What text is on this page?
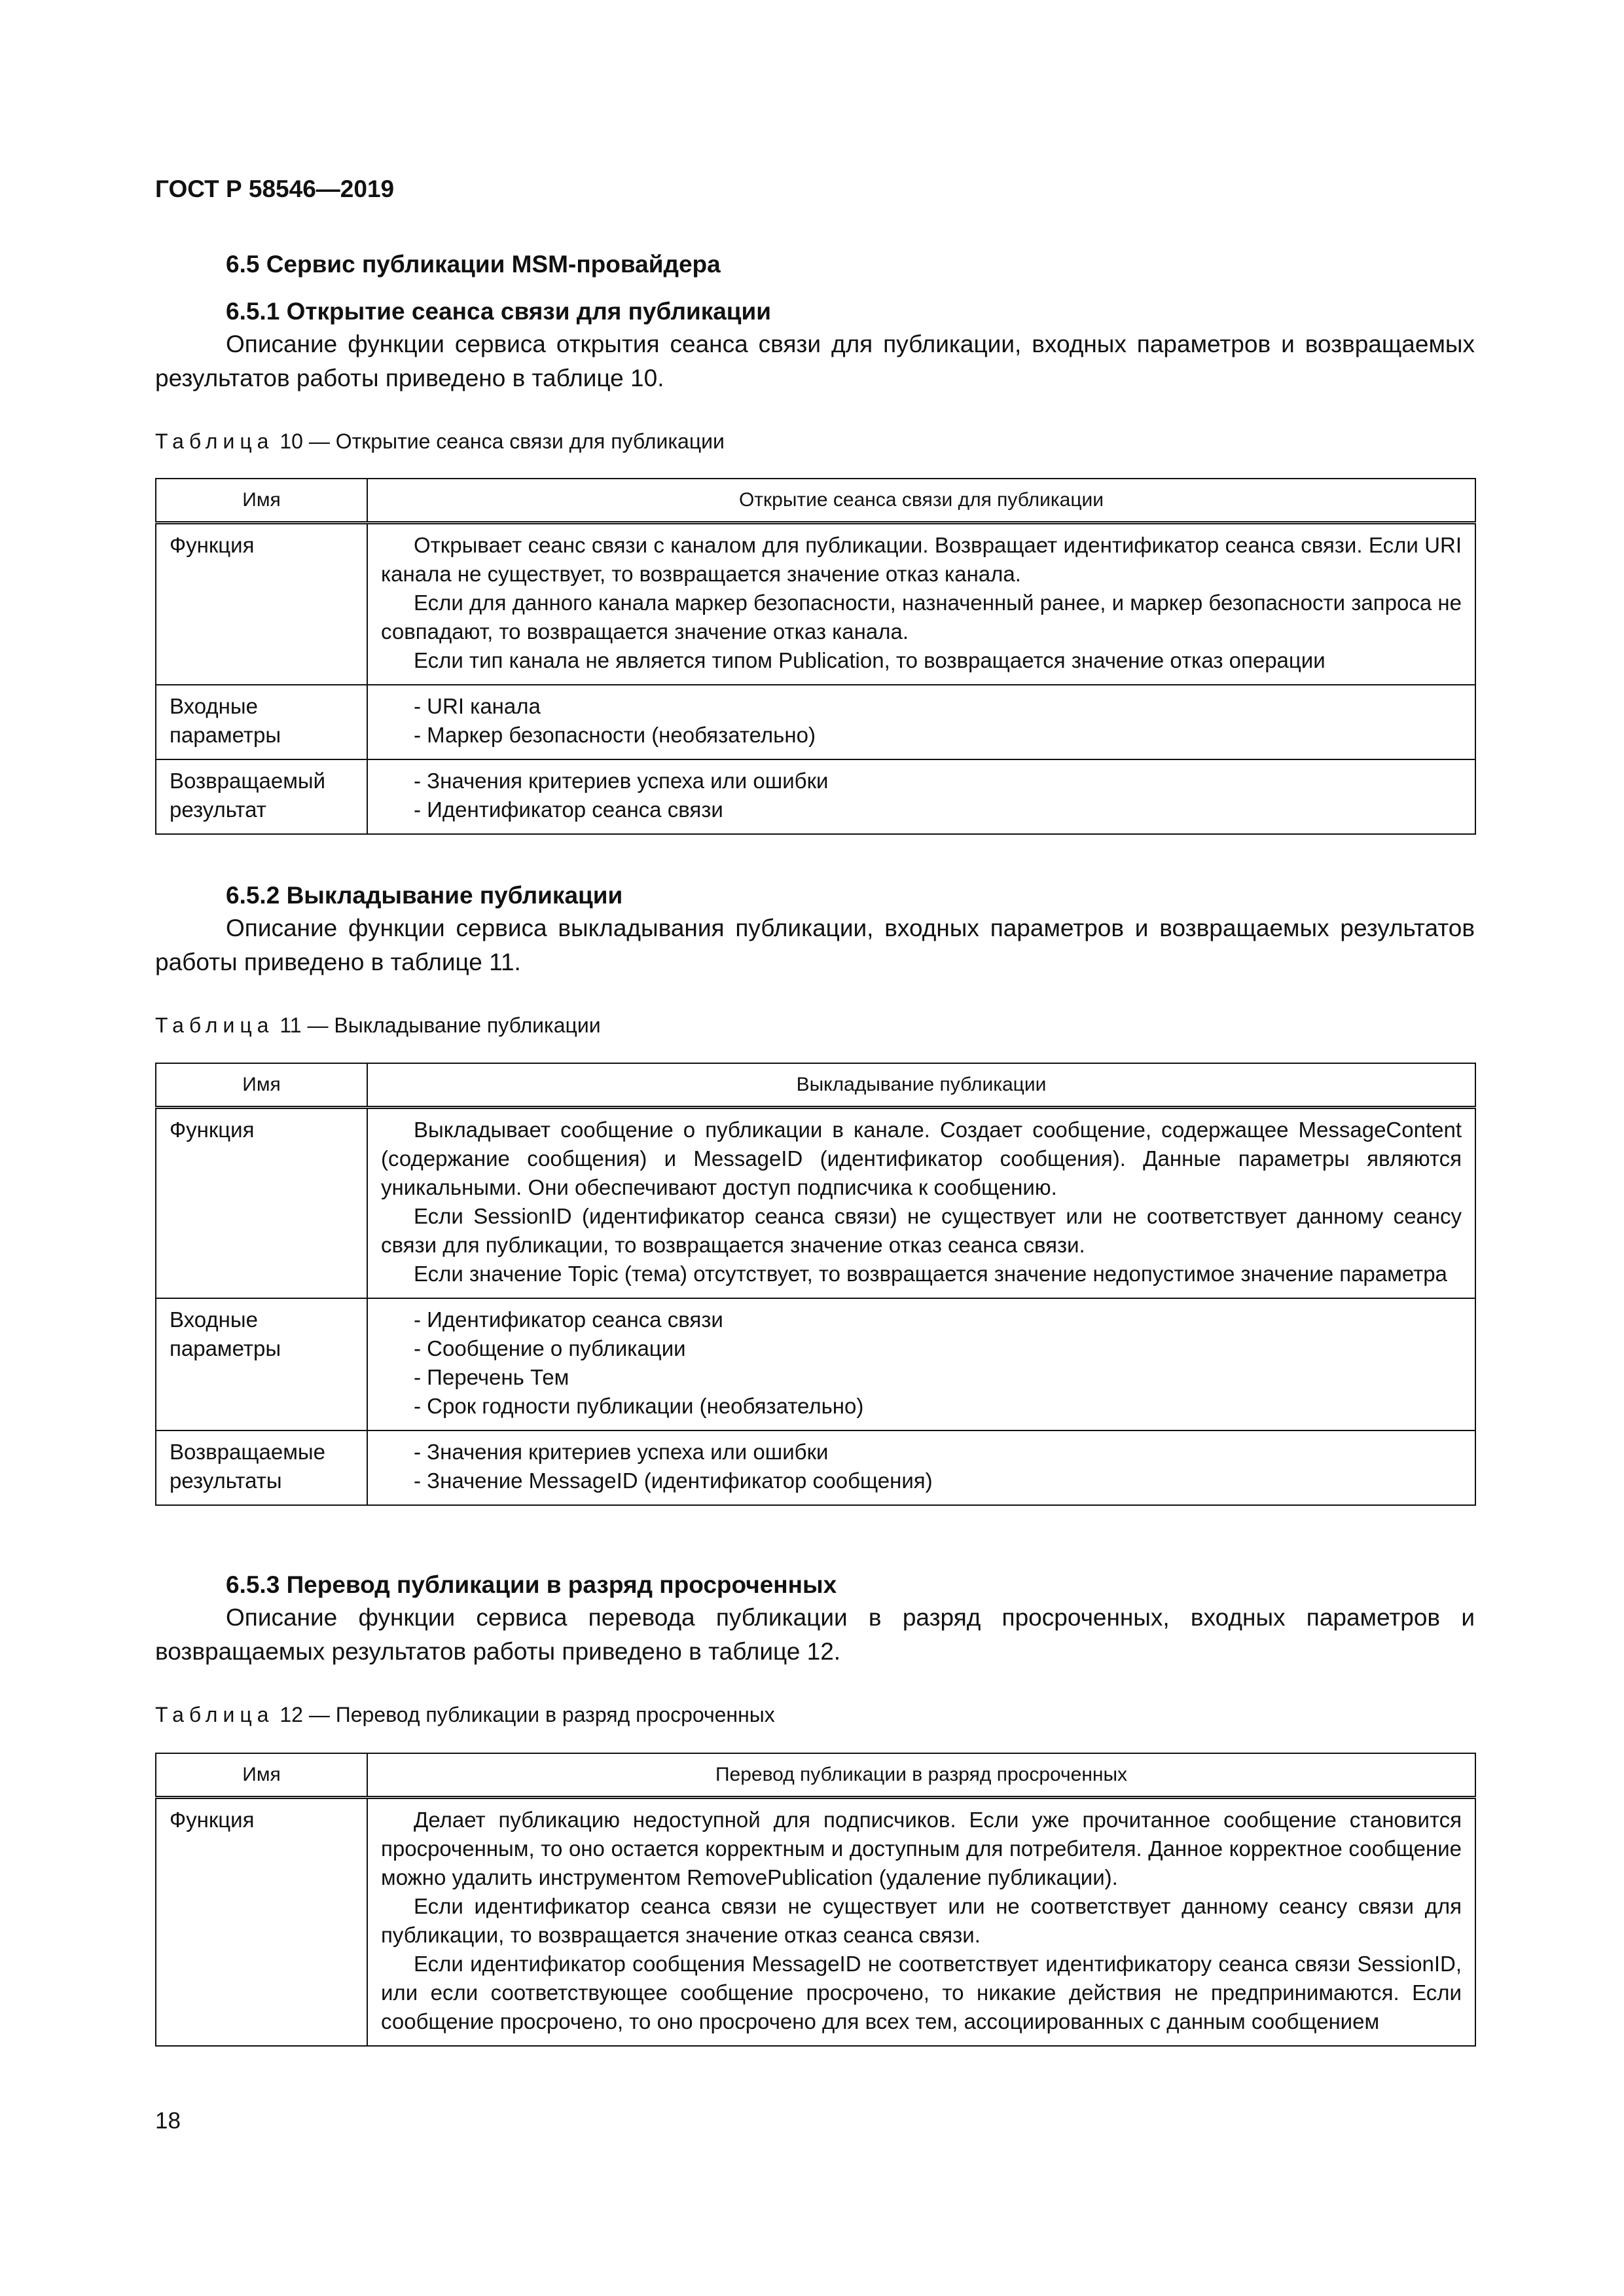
ГОСТ Р 58546—2019
6.5 Сервис публикации MSM-провайдера
6.5.1 Открытие сеанса связи для публикации
Описание функции сервиса открытия сеанса связи для публикации, входных параметров и возвращаемых результатов работы приведено в таблице 10.
Таблица 10 — Открытие сеанса связи для публикации
Имя	Открытие сеанса связи для публикации
Функция	Открывает сеанс связи с каналом для публикации. Возвращает идентификатор сеанса связи. Если URI канала не существует, то возвращается значение отказ канала.

Если для данного канала маркер безопасности, назначенный ранее, и маркер безопасности запроса не совпадают, то возвращается значение отказ канала.

Если тип канала не является типом Publication, то возвращается значение отказ операции

Входные параметры	- URI канала
- Маркер безопасности (необязательно)

Возвращаемый результат	- Значения критериев успеха или ошибки
- Идентификатор сеанса связи
6.5.2 Выкладывание публикации
Описание функции сервиса выкладывания публикации, входных параметров и возвращаемых результатов работы приведено в таблице 11.
Таблица 11 — Выкладывание публикации
Имя	Выкладывание публикации
Функция	Выкладывает сообщение о публикации в канале. Создает сообщение, содержащее MessageContent (содержание сообщения) и MessageID (идентификатор сообщения). Данные параметры являются уникальными. Они обеспечивают доступ подписчика к сообщению.

Если SessionID (идентификатор сеанса связи) не существует или не соответствует данному сеансу связи для публикации, то возвращается значение отказ сеанса связи.

Если значение Topic (тема) отсутствует, то возвращается значение недопустимое значение параметра

Входные параметры	- Идентификатор сеанса связи
- Сообщение о публикации
- Перечень Тем
- Срок годности публикации (необязательно)

Возвращаемые результаты	- Значения критериев успеха или ошибки
- Значение MessageID (идентификатор сообщения)
6.5.3 Перевод публикации в разряд просроченных
Описание функции сервиса перевода публикации в разряд просроченных, входных параметров и возвращаемых результатов работы приведено в таблице 12.
Таблица 12 — Перевод публикации в разряд просроченных
Имя	Перевод публикации в разряд просроченных
Функция	Делает публикацию недоступной для подписчиков. Если уже прочитанное сообщение становится просроченным, то оно остается корректным и доступным для потребителя. Данное корректное сообщение можно удалить инструментом RemovePublication (удаление публикации).

Если идентификатор сеанса связи не существует или не соответствует данному сеансу связи для публикации, то возвращается значение отказ сеанса связи.

Если идентификатор сообщения MessageID не соответствует идентификатору сеанса связи SessionID, или если соответствующее сообщение просрочено, то никакие действия не предпринимаются. Если сообщение просрочено, то оно просрочено для всех тем, ассоциированных с данным сообщением

18
